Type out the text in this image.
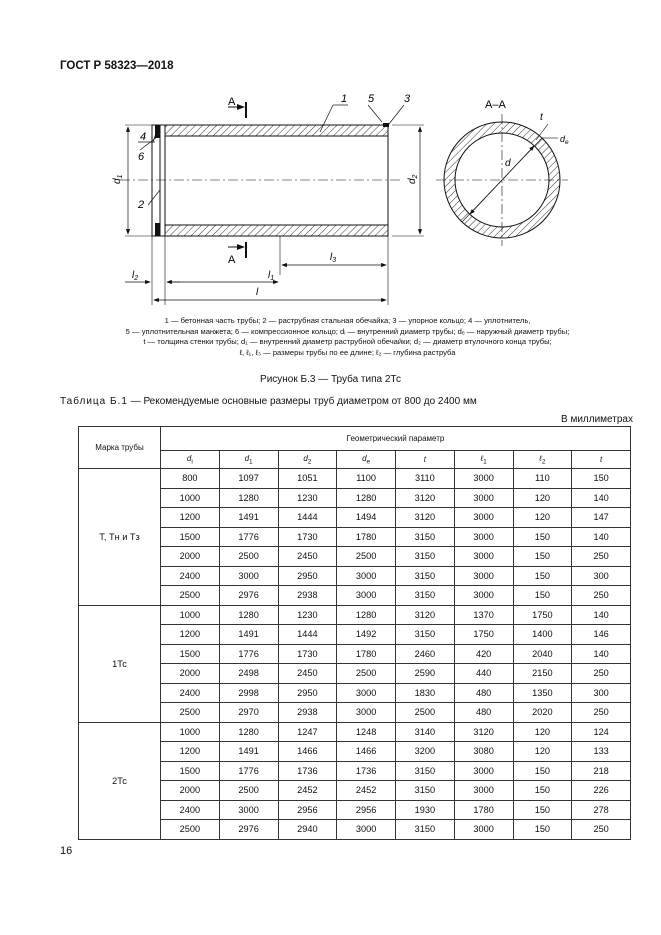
ГОСТ Р 58323—2018
A
A
1 5	3
4
6
2
$d_1$
$d_2$
$l_3$
$l_1$
$l_2$
l
A–A
d
$d_e$
t
1 — бетонная часть трубы; 2 — раструбная стальная обечайка; 3 — упорное кольцо; 4 — уплотнитель,
5 — уплотнительная манжета; 6 — компрессионное кольцо; dᵢ — внутренний диаметр трубы; dₑ — наружный диаметр трубы;
t — толщина стенки трубы; d₁ — внутренний диаметр раструбной обечайки; d₂ — диаметр втулочного конца трубы;
ℓ, ℓ₁, ℓ₃ — размеры трубы по ее длине; ℓ₂ — глубина раструба
Рисунок Б.3 — Труба типа 2Тс
Таблица Б.1 — Рекомендуемые основные размеры труб диаметром от 800 до 2400 мм
В миллиметрах
Марка трубы	Геометрический параметр							
	$d_i$	$d_1$	$d_2$	$d_e$	t	ℓ$_1$	ℓ$_2$	t
Т, Тн и Тз	800	1097	1051	1100	3110	3000	110	150
	1000	1280	1230	1280	3120	3000	120	140
	1200	1491	1444	1494	3120	3000	120	147
	1500	1776	1730	1780	3150	3000	150	140
	2000	2500	2450	2500	3150	3000	150	250
	2400	3000	2950	3000	3150	3000	150	300
	2500	2976	2938	3000	3150	3000	150	250
1Тс	1000	1280	1230	1280	3120	1370	1750	140
	1200	1491	1444	1492	3150	1750	1400	146
	1500	1776	1730	1780	2460	420	2040	140
	2000	2498	2450	2500	2590	440	2150	250
	2400	2998	2950	3000	1830	480	1350	300
	2500	2970	2938	3000	2500	480	2020	250
2Тс	1000	1280	1247	1248	3140	3120	120	124
	1200	1491	1466	1466	3200	3080	120	133
	1500	1776	1736	1736	3150	3000	150	218
	2000	2500	2452	2452	3150	3000	150	226
	2400	3000	2956	2956	1930	1780	150	278
	2500	2976	2940	3000	3150	3000	150	250
16
